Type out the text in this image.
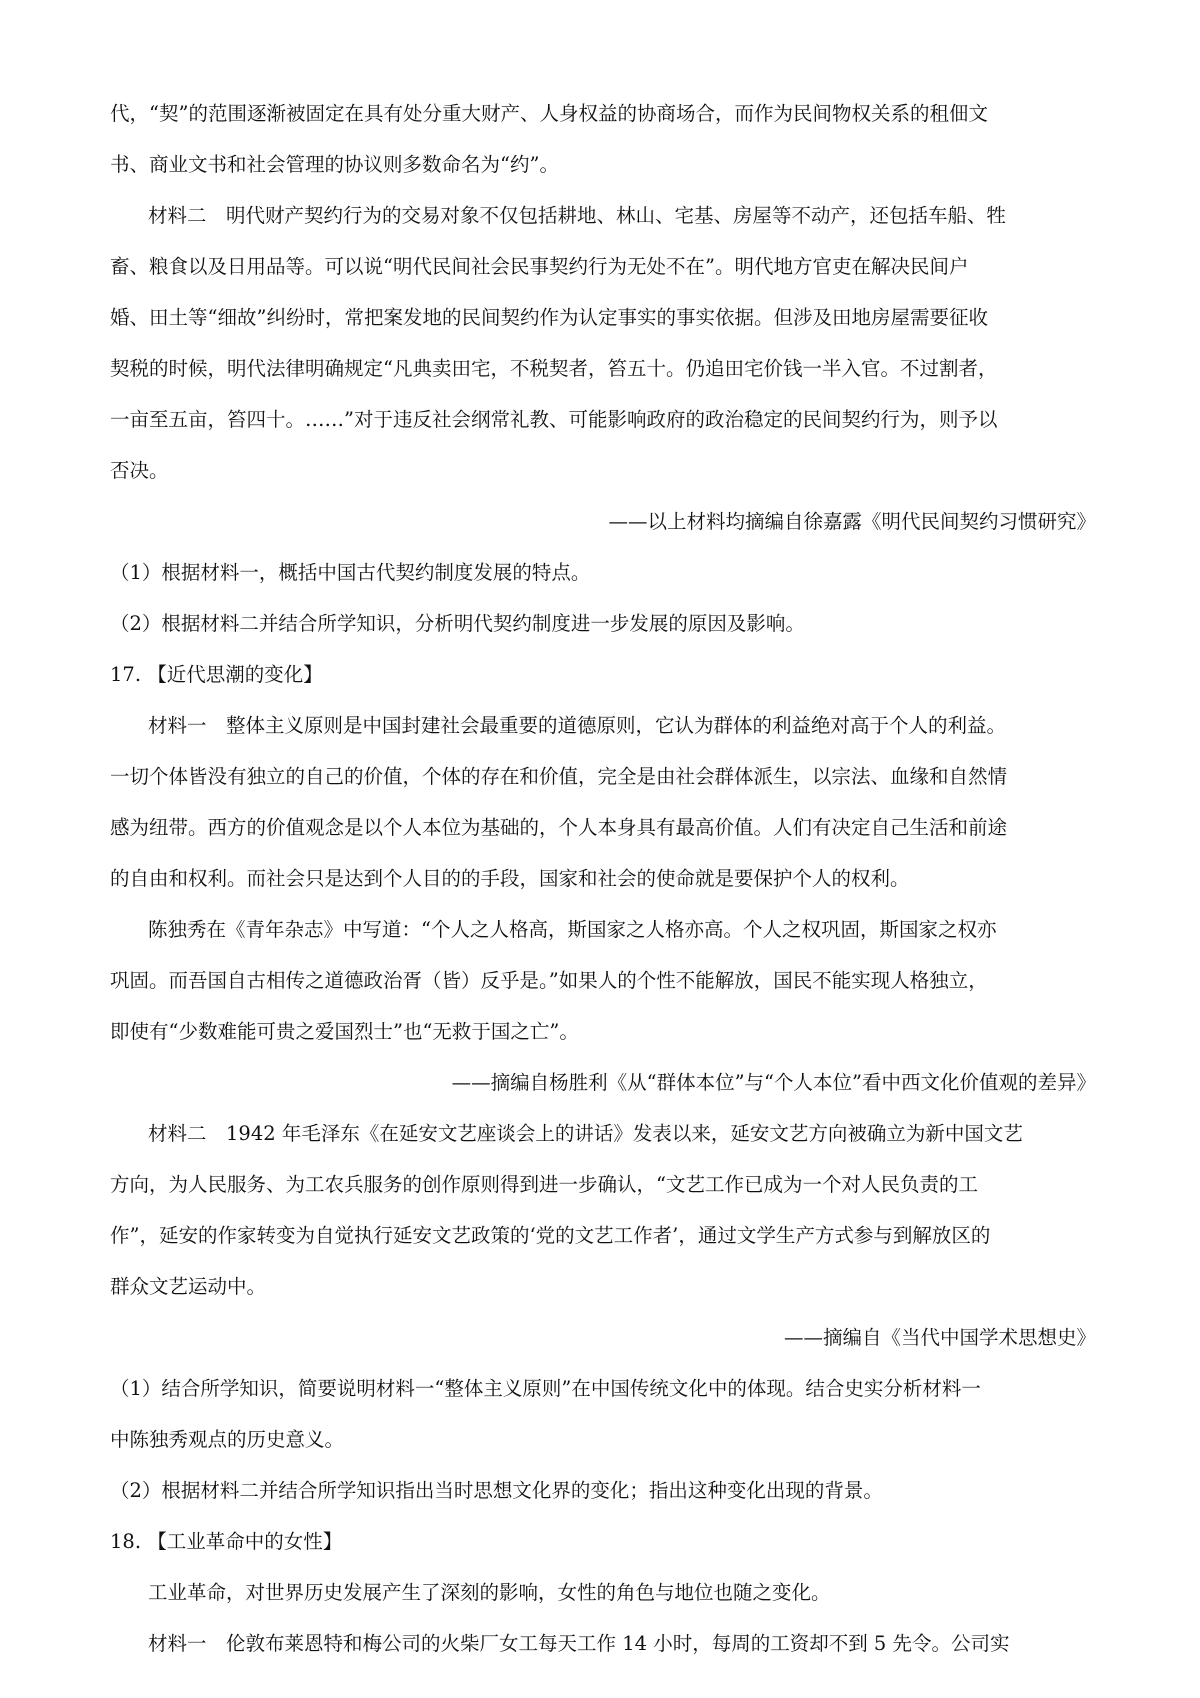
代，“契”的范围逐渐被固定在具有处分重大财产、人身权益的协商场合，而作为民间物权关系的租佃文
书、商业文书和社会管理的协议则多数命名为“约”。
材料二　明代财产契约行为的交易对象不仅包括耕地、林山、宅基、房屋等不动产，还包括车船、牲
畜、粮食以及日用品等。可以说“明代民间社会民事契约行为无处不在”。明代地方官吏在解决民间户
婚、田土等“细故”纠纷时，常把案发地的民间契约作为认定事实的事实依据。但涉及田地房屋需要征收
契税的时候，明代法律明确规定“凡典卖田宅，不税契者，笞五十。仍追田宅价钱一半入官。不过割者，
一亩至五亩，笞四十。……”对于违反社会纲常礼教、可能影响政府的政治稳定的民间契约行为，则予以
否决。
——以上材料均摘编自徐嘉露《明代民间契约习惯研究》
（1）根据材料一，概括中国古代契约制度发展的特点。
（2）根据材料二并结合所学知识，分析明代契约制度进一步发展的原因及影响。
17. 【近代思潮的变化】
材料一　整体主义原则是中国封建社会最重要的道德原则，它认为群体的利益绝对高于个人的利益。
一切个体皆没有独立的自己的价值，个体的存在和价值，完全是由社会群体派生，以宗法、血缘和自然情
感为纽带。西方的价值观念是以个人本位为基础的，个人本身具有最高价值。人们有决定自己生活和前途
的自由和权利。而社会只是达到个人目的的手段，国家和社会的使命就是要保护个人的权利。
陈独秀在《青年杂志》中写道：“个人之人格高，斯国家之人格亦高。个人之权巩固，斯国家之权亦
巩固。而吾国自古相传之道德政治胥（皆）反乎是。”如果人的个性不能解放，国民不能实现人格独立，
即使有“少数难能可贵之爱国烈士”也“无救于国之亡”。
——摘编自杨胜利《从“群体本位”与“个人本位”看中西文化价值观的差异》
材料二　1942 年毛泽东《在延安文艺座谈会上的讲话》发表以来，延安文艺方向被确立为新中国文艺
方向，为人民服务、为工农兵服务的创作原则得到进一步确认，“文艺工作已成为一个对人民负责的工
作”，延安的作家转变为自觉执行延安文艺政策的‘党的文艺工作者’，通过文学生产方式参与到解放区的
群众文艺运动中。
——摘编自《当代中国学术思想史》
（1）结合所学知识，简要说明材料一“整体主义原则”在中国传统文化中的体现。结合史实分析材料一
中陈独秀观点的历史意义。
（2）根据材料二并结合所学知识指出当时思想文化界的变化；指出这种变化出现的背景。
18. 【工业革命中的女性】
工业革命，对世界历史发展产生了深刻的影响，女性的角色与地位也随之变化。
材料一　伦敦布莱恩特和梅公司的火柴厂女工每天工作 14 小时，每周的工资却不到 5 先令。公司实
